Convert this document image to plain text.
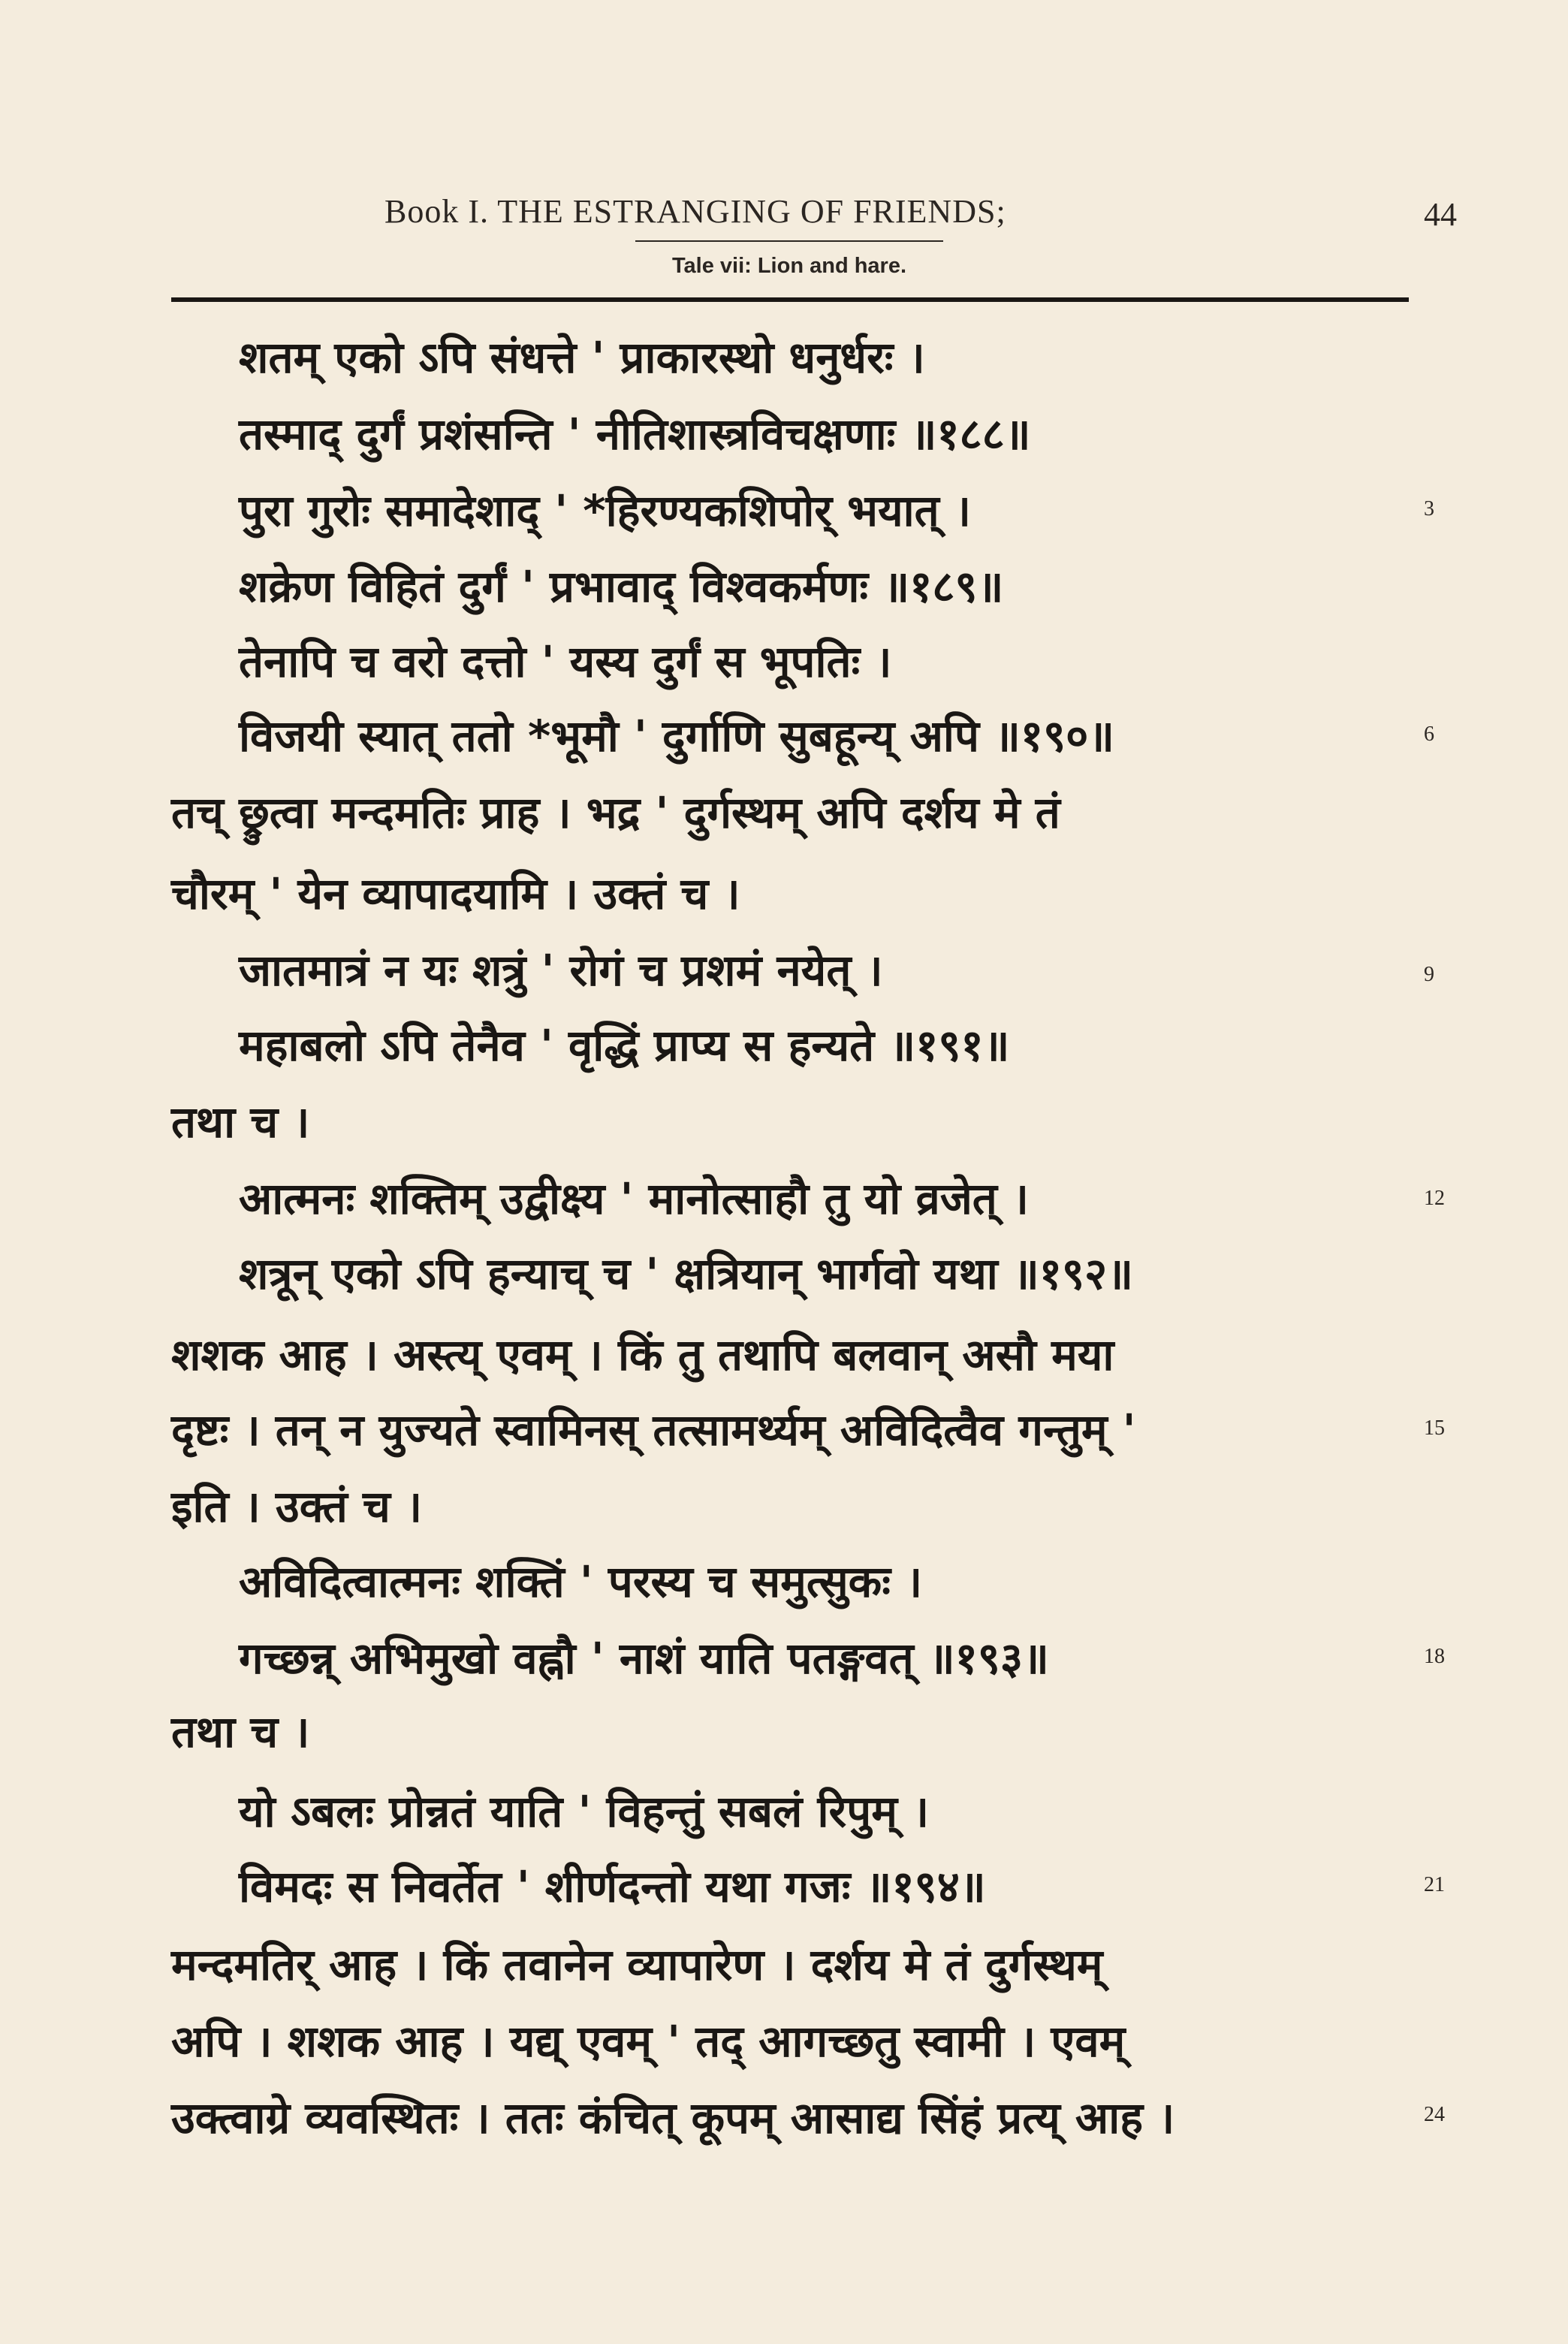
Book I. THE ESTRANGING OF FRIENDS;	44
Tale vii: Lion and hare.
शतम् एको ऽपि संधत्ते ' प्राकारस्थो धनुर्धरः ।
तस्माद् दुर्गं प्रशंसन्ति ' नीतिशास्त्रविचक्षणाः ॥१८८॥
पुरा गुरोः समादेशाद् ' *हिरण्यकशिपोर् भयात् ।
शक्रेण विहितं दुर्गं ' प्रभावाद् विश्वकर्मणः ॥१८९॥
तेनापि च वरो दत्तो ' यस्य दुर्गं स भूपतिः ।
विजयी स्यात् ततो *भूमौ ' दुर्गाणि सुबहून्य् अपि ॥१९०॥
तच् छ्रुत्वा मन्दमतिः प्राह । भद्र ' दुर्गस्थम् अपि दर्शय मे तं
चौरम् ' येन व्यापादयामि । उक्तं च ।
जातमात्रं न यः शत्रुं ' रोगं च प्रशमं नयेत् ।
महाबलो ऽपि तेनैव ' वृद्धिं प्राप्य स हन्यते ॥१९१॥
तथा च ।
आत्मनः शक्तिम् उद्वीक्ष्य ' मानोत्साहौ तु यो व्रजेत् ।
शत्रून् एको ऽपि हन्याच् च ' क्षत्रियान् भार्गवो यथा ॥१९२॥
शशक आह । अस्त्य् एवम् । किं तु तथापि बलवान् असौ मया
दृष्टः । तन् न युज्यते स्वामिनस् तत्सामर्थ्यम् अविदित्वैव गन्तुम् '
इति । उक्तं च ।
अविदित्वात्मनः शक्तिं ' परस्य च समुत्सुकः ।
गच्छन्न् अभिमुखो वह्नौ ' नाशं याति पतङ्गवत् ॥१९३॥
तथा च ।
यो ऽबलः प्रोन्नतं याति ' विहन्तुं सबलं रिपुम् ।
विमदः स निवर्तेत ' शीर्णदन्तो यथा गजः ॥१९४॥
मन्दमतिर् आह । किं तवानेन व्यापारेण । दर्शय मे तं दुर्गस्थम्
अपि । शशक आह । यद्य् एवम् ' तद् आगच्छतु स्वामी । एवम्
उक्त्वाग्रे व्यवस्थितः । ततः कंचित् कूपम् आसाद्य सिंहं प्रत्य् आह ।
3
6
9
12
15
18
21
24
